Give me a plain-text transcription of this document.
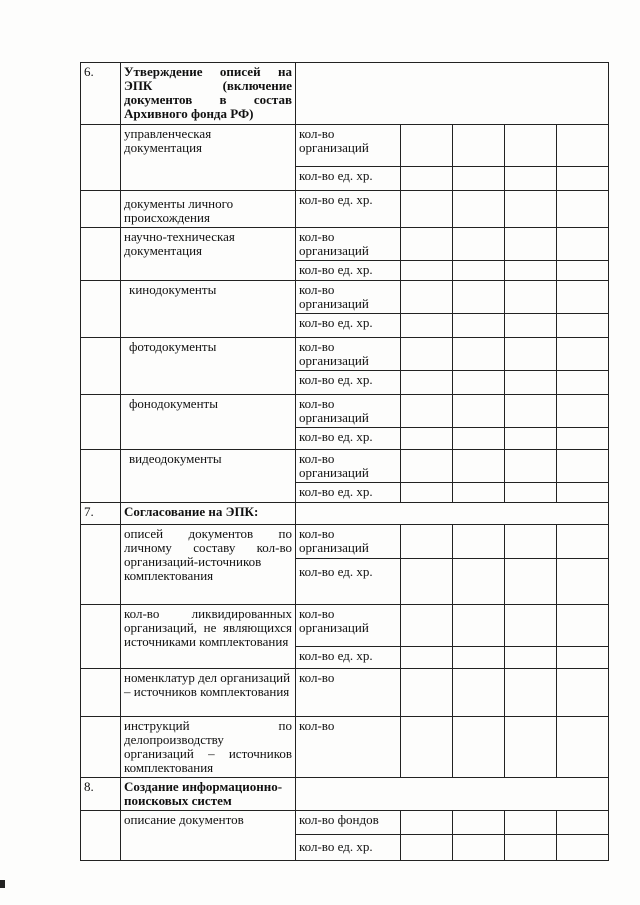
6.	Утверждение описей на ЭПК (включение документов в состав Архивного фонда РФ)					
	управленческая документация	кол-во организаций				
		кол-во ед. хр.				
	документы личного происхождения	кол-во ед. хр.				
	научно-техническая документация	кол-во организаций				
		кол-во ед. хр.				
	кинодокументы	кол-во организаций				
		кол-во ед. хр.				
	фотодокументы	кол-во организаций				
		кол-во ед. хр.				
	фонодокументы	кол-во организаций				
		кол-во ед. хр.				
	видеодокументы	кол-во организаций				
		кол-во ед. хр.				
7.	Согласование на ЭПК:					
	описей документов по личному составу кол-во организаций-источников комплектования	кол-во организаций				
		кол-во ед. хр.				
	кол-во ликвидированных организаций, не являющихся источниками комплектования	кол-во организаций				
		кол-во ед. хр.				
	номенклатур дел организаций – источников комплектования	кол-во				
	инструкций по делопроизводству организаций – источников комплектования	кол-во				
8.	Создание информационно-поисковых систем					
	описание документов	кол-во фондов				
		кол-во ед. хр.				
